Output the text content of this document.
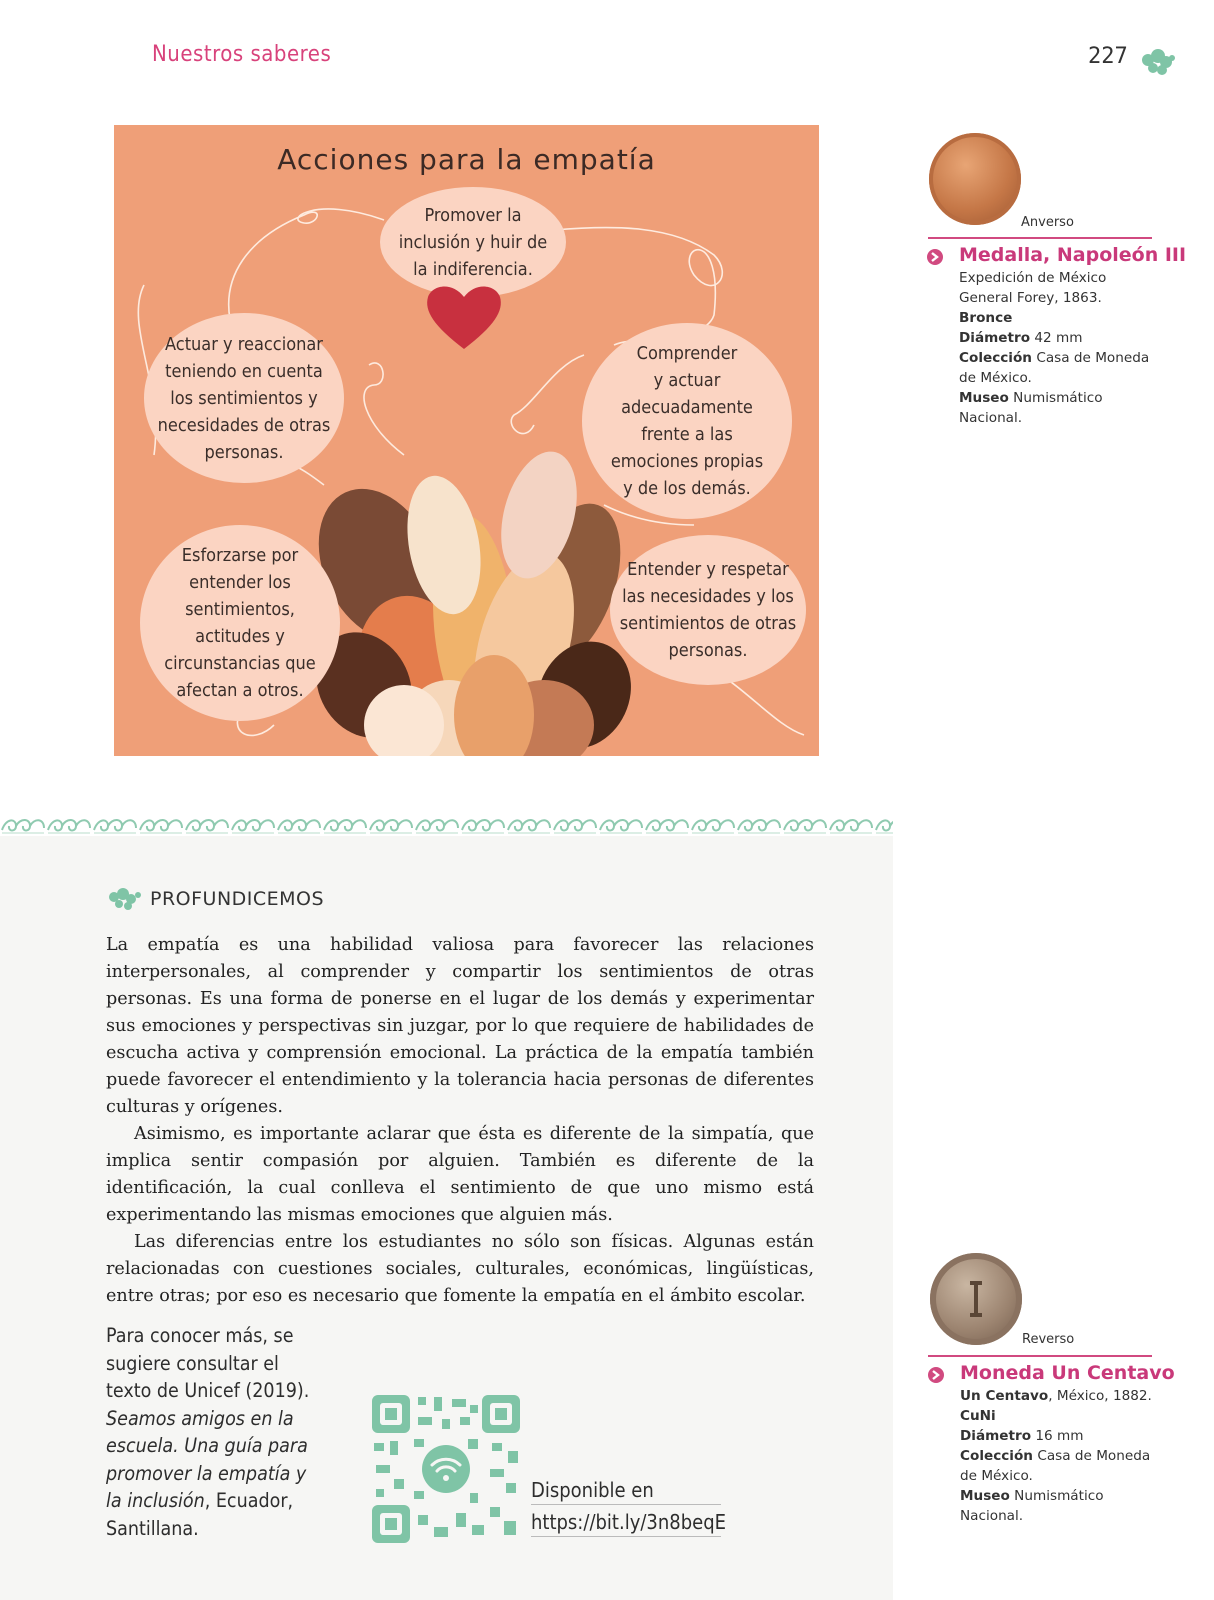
Nuestros saberes	227
Acciones para la empatía
Promover la
inclusión y huir de
la indiferencia.
Actuar y reaccionar
teniendo en cuenta
los sentimientos y
necesidades de otras
personas.
Comprender
y actuar
adecuadamente
frente a las
emociones propias
y de los demás.
Esforzarse por
entender los
sentimientos,
actitudes y
circunstancias que
afectan a otros.
Entender y respetar
las necesidades y los
sentimientos de otras
personas.
PROFUNDICEMOS

La empatía es una habilidad valiosa para favorecer las relaciones interpersonales, al comprender y compartir los sentimientos de otras personas. Es una forma de ponerse en el lugar de los demás y experimentar sus emociones y perspectivas sin juzgar, por lo que requiere de habilidades de escucha activa y comprensión emocional. La práctica de la empatía también puede favorecer el entendimiento y la tolerancia hacia personas de diferentes culturas y orígenes.

Asimismo, es importante aclarar que ésta es diferente de la simpatía, que implica sentir compasión por alguien. También es diferente de la identificación, la cual conlleva el sentimiento de que uno mismo está experimentando las mismas emociones que alguien más.

Las diferencias entre los estudiantes no sólo son físicas. Algunas están relacionadas con cuestiones sociales, culturales, económicas, lingüísticas, entre otras; por eso es necesario que fomente la empatía en el ámbito escolar.

Para conocer más, se sugiere consultar el texto de Unicef (2019). Seamos amigos en la escuela. Una guía para promover la empatía y la inclusión, Ecuador, Santillana.
Disponible en
https://bit.ly/3n8beqE
Anverso
Medalla, Napoleón III
Expedición de México
General Forey, 1863.
Bronce
Diámetro 42 mm
Colección Casa de Moneda de México.
Museo Numismático Nacional.
Reverso
Moneda Un Centavo
Un Centavo, México, 1882.
CuNi
Diámetro 16 mm
Colección Casa de Moneda de México.
Museo Numismático Nacional.
